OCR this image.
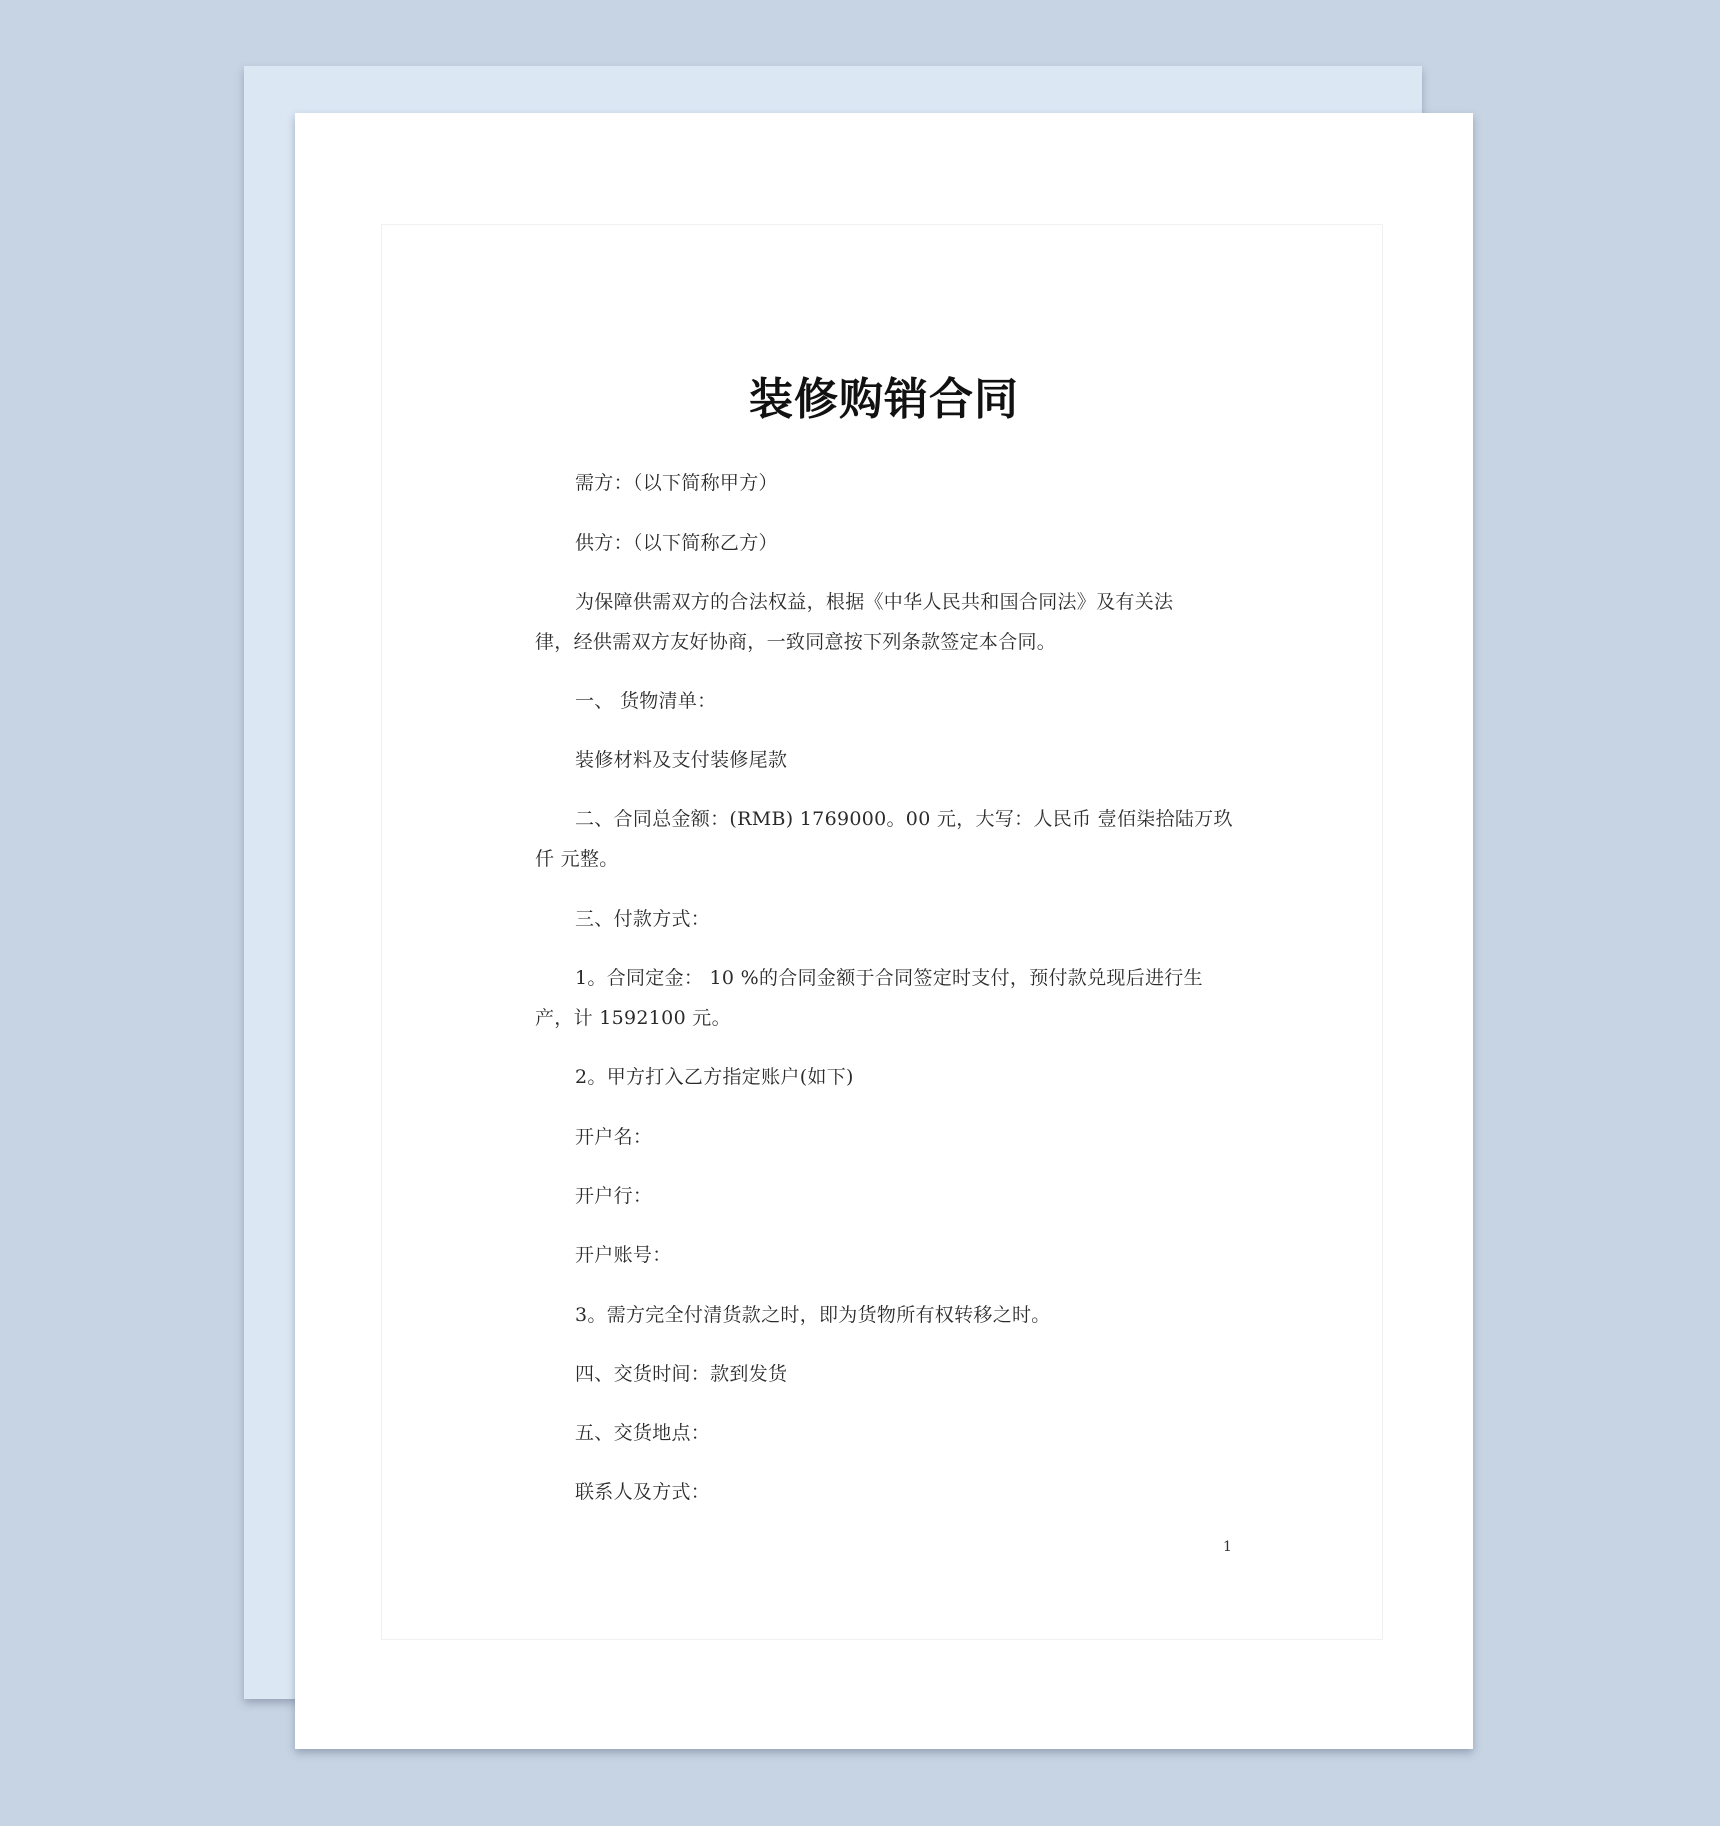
装修购销合同

需方：（以下简称甲方）

供方：（以下简称乙方）

为保障供需双方的合法权益，根据《中华人民共和国合同法》及有关法
律，经供需双方友好协商，一致同意按下列条款签定本合同。

一、 货物清单：

装修材料及支付装修尾款

二、合同总金额：(RMB) 1769000。00 元，大写：人民币 壹佰柒拾陆万玖
仟 元整。

三、付款方式：

1。合同定金： 10 %的合同金额于合同签定时支付，预付款兑现后进行生
产，计 1592100 元。

2。甲方打入乙方指定账户(如下)

开户名：

开户行：

开户账号：

3。需方完全付清货款之时，即为货物所有权转移之时。

四、交货时间：款到发货

五、交货地点：

联系人及方式：

1
